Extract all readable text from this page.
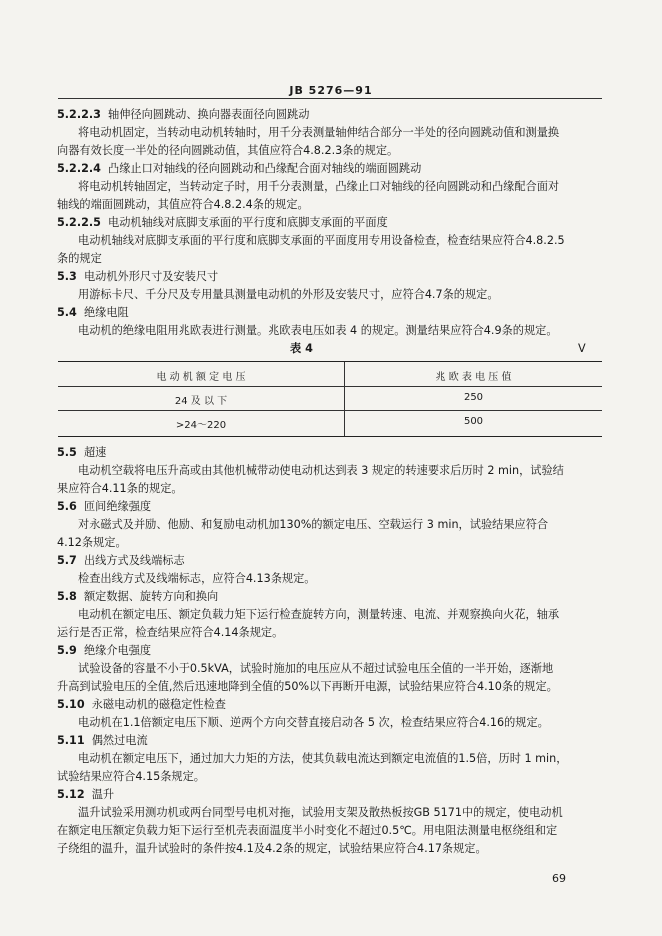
JB 5276—91
5.2.2.3 轴伸径向圆跳动、换向器表面径向圆跳动
将电动机固定，当转动电动机转轴时，用千分表测量轴伸结合部分一半处的径向圆跳动值和测量换
向器有效长度一半处的径向圆跳动值，其值应符合4.8.2.3条的规定。
5.2.2.4 凸缘止口对轴线的径向圆跳动和凸缘配合面对轴线的端面圆跳动
将电动机转轴固定，当转动定子时，用千分表测量，凸缘止口对轴线的径向圆跳动和凸缘配合面对
轴线的端面圆跳动，其值应符合4.8.2.4条的规定。
5.2.2.5 电动机轴线对底脚支承面的平行度和底脚支承面的平面度
电动机轴线对底脚支承面的平行度和底脚支承面的平面度用专用设备检查，检查结果应符合4.8.2.5
条的规定
5.3 电动机外形尺寸及安装尺寸
用游标卡尺、千分尺及专用量具测量电动机的外形及安装尺寸，应符合4.7条的规定。
5.4 绝缘电阻
电动机的绝缘电阻用兆欧表进行测量。兆欧表电压如表 4 的规定。测量结果应符合4.9条的规定。
表 4	V
电 动 机 额 定 电 压	兆 欧 表 电 压 值
24 及 以 下	250
>24～220	500
5.5 超速
电动机空载将电压升高或由其他机械带动使电动机达到表 3 规定的转速要求后历时 2 min，试验结
果应符合4.11条的规定。
5.6 匝间绝缘强度
对永磁式及并励、他励、和复励电动机加130%的额定电压、空载运行 3 min，试验结果应符合
4.12条规定。
5.7 出线方式及线端标志
检查出线方式及线端标志，应符合4.13条规定。
5.8 额定数据、旋转方向和换向
电动机在额定电压、额定负载力矩下运行检查旋转方向，测量转速、电流、并观察换向火花，轴承
运行是否正常，检查结果应符合4.14条规定。
5.9 绝缘介电强度
试验设备的容量不小于0.5kVA，试验时施加的电压应从不超过试验电压全值的一半开始，逐渐地
升高到试验电压的全值,然后迅速地降到全值的50%以下再断开电源，试验结果应符合4.10条的规定。
5.10 永磁电动机的磁稳定性检查
电动机在1.1倍额定电压下顺、逆两个方向交替直接启动各 5 次，检查结果应符合4.16的规定。
5.11 偶然过电流
电动机在额定电压下，通过加大力矩的方法，使其负载电流达到额定电流值的1.5倍，历时 1 min，
试验结果应符合4.15条规定。
5.12 温升
温升试验采用测功机或两台同型号电机对拖，试验用支架及散热板按GB 5171中的规定，使电动机
在额定电压额定负载力矩下运行至机壳表面温度半小时变化不超过0.5℃。用电阻法测量电枢绕组和定
子绕组的温升，温升试验时的条件按4.1及4.2条的规定，试验结果应符合4.17条规定。
69
